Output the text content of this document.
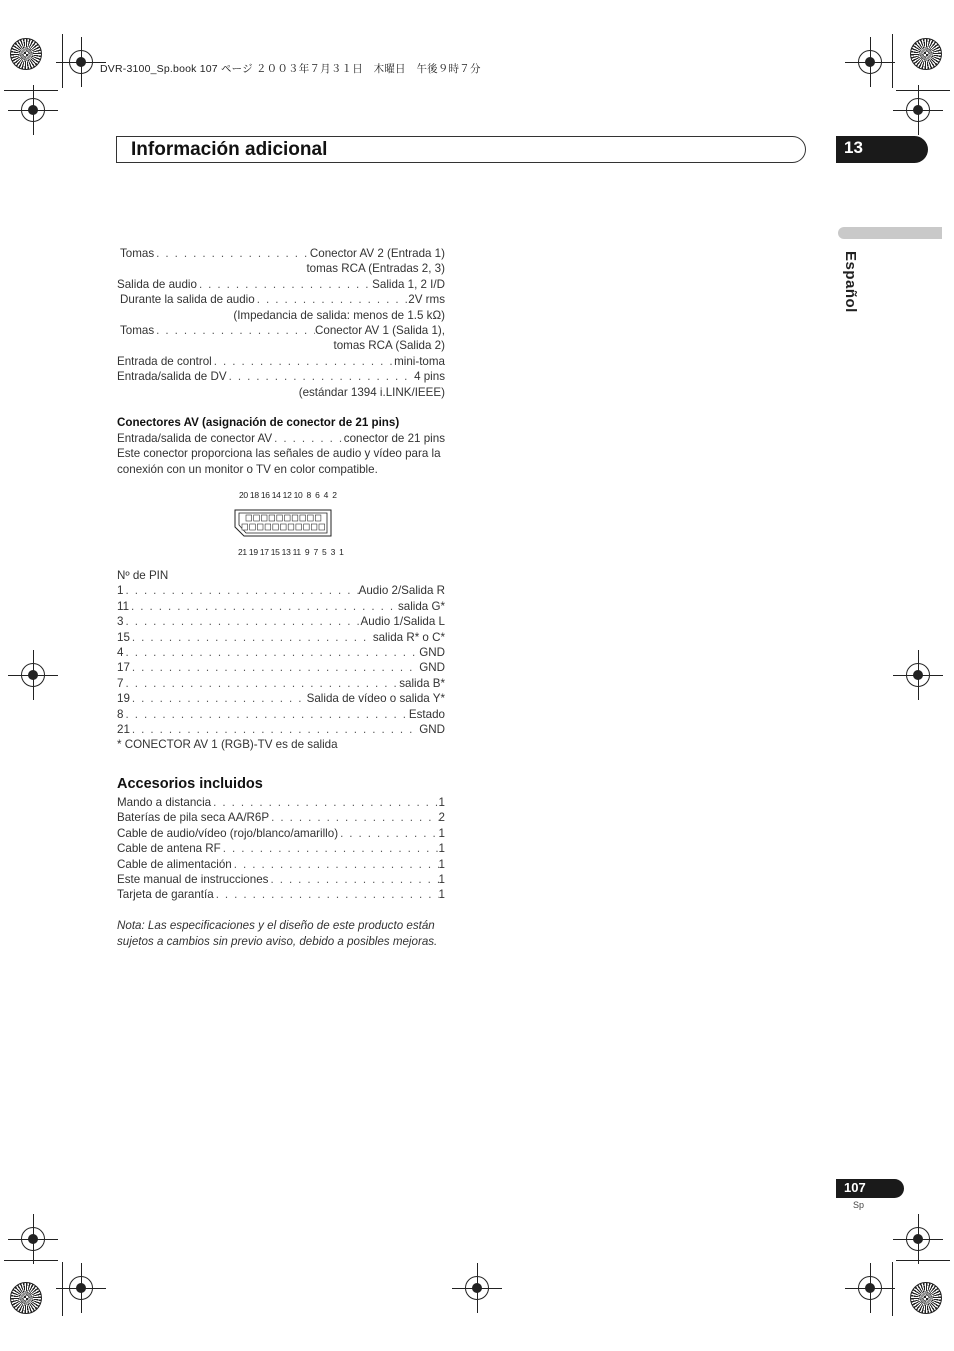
DVR-3100_Sp.book 107 ページ ２００３年７月３１日　木曜日　午後９時７分
Información adicional	13
Español
Tomas . . .	Conector AV 2 (Entrada 1)
tomas RCA (Entradas 2, 3)
Salida de audio . . .	Salida 1, 2 I/D
Durante la salida de audio . . .	2V rms
(Impedancia de salida: menos de 1.5 kΩ)
Tomas . . .	Conector AV 1 (Salida 1),
tomas RCA (Salida 2)
Entrada de control . . .	mini-toma
Entrada/salida de DV . . .	4 pins
(estándar 1394 i.LINK/IEEE)
Conectores AV (asignación de conector de 21 pins)
Entrada/salida de conector AV . . .	conector de 21 pins
Este conector proporciona las señales de audio y vídeo para la conexión con un monitor o TV en color compatible.
20 18 16 14 12 10  8  6  4  2
21 19 17 15 13 11  9  7  5  3  1
Nº de PIN
1 . . .	Audio 2/Salida R
11 . . .	salida G*
3 . . .	Audio 1/Salida L
15 . . .	salida R* o C*
4 . . .	GND
17 . . .	GND
7 . . .	salida B*
19 . . .	Salida de vídeo o salida Y*
8 . . .	Estado
21 . . .	GND
* CONECTOR AV 1 (RGB)-TV es de salida
Accesorios incluidos
Mando a distancia . . .	1
Baterías de pila seca AA/R6P . . .	2
Cable de audio/vídeo (rojo/blanco/amarillo) . . .	1
Cable de antena RF . . .	1
Cable de alimentación . . .	1
Este manual de instrucciones . . .	1
Tarjeta de garantía . . .	1
Nota: Las especificaciones y el diseño de este producto están sujetos a cambios sin previo aviso, debido a posibles mejoras.
107
Sp
